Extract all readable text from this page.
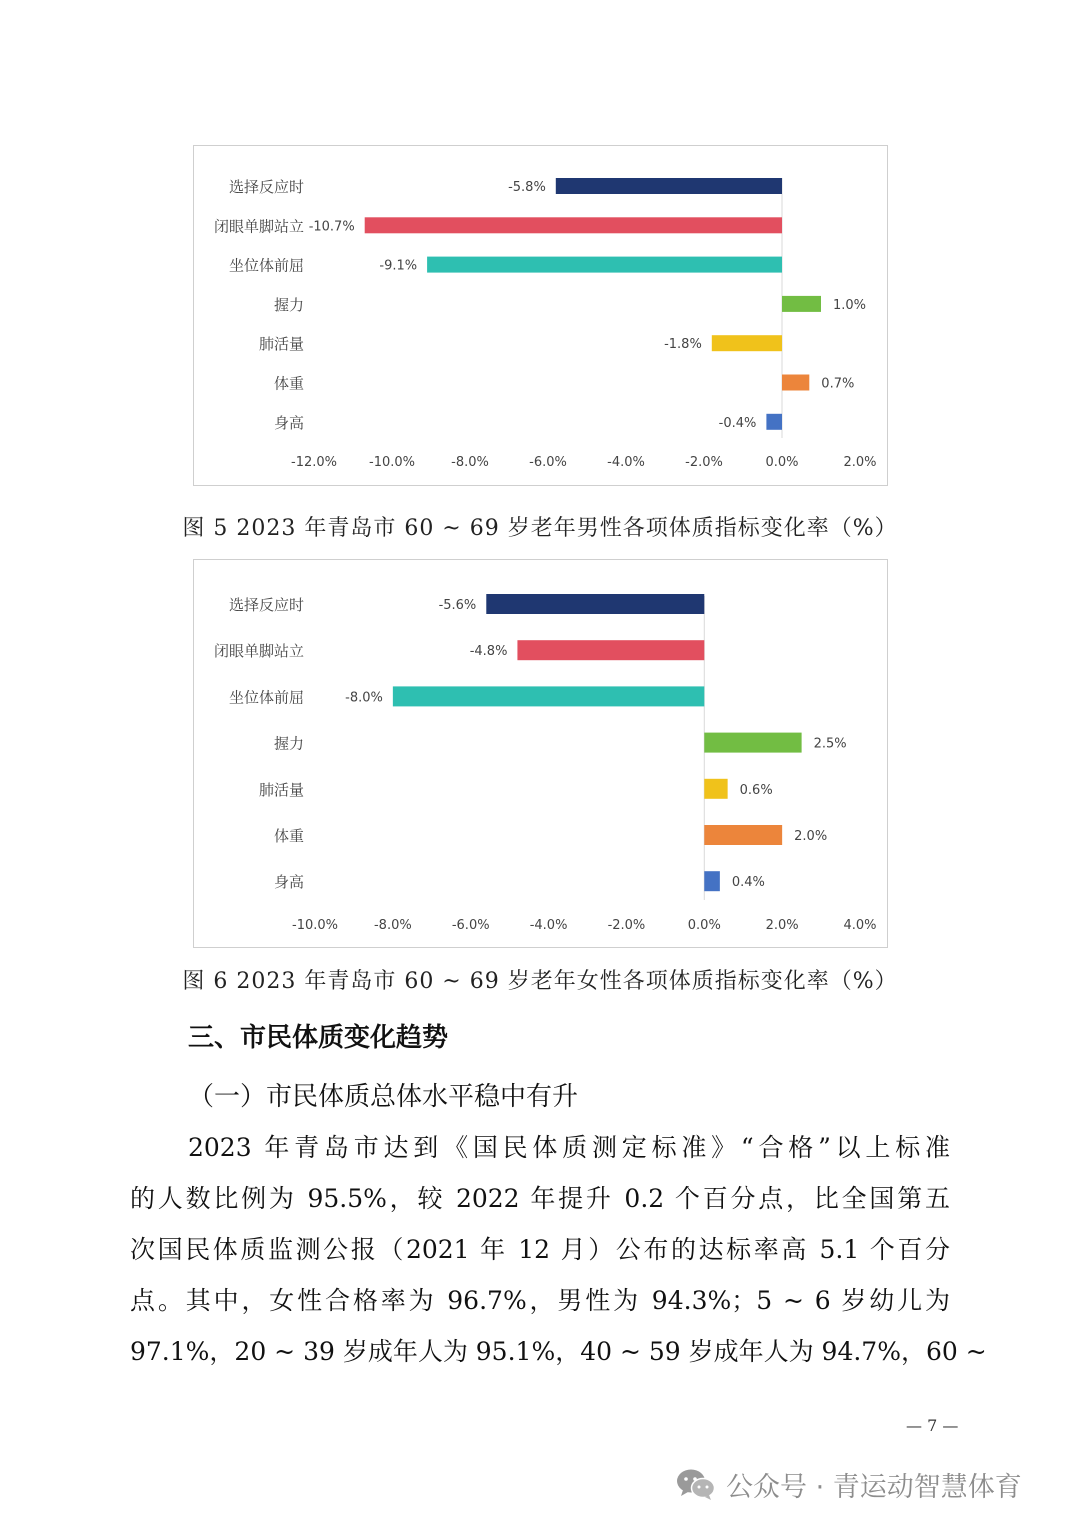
选择反应时	-5.8%
闭眼单脚站立 -10.7%
坐位体前屈	-9.1%
握力	1.0%
肺活量	-1.8%
体重	0.7%
身高	-0.4%
-12.0% -10.0%	-8.0%	-6.0%	-4.0%	-2.0%	0.0%	2.0%
图 5 2023 年青岛市 60 ~ 69 岁老年男性各项体质指标变化率（%）
选择反应时	-5.6%
闭眼单脚站立	-4.8%
坐位体前屈	-8.0%
握力	2.5%
肺活量	0.6%
体重	2.0%
身高	0.4%
-10.0%	-8.0%	-6.0%	-4.0%	-2.0%	0.0%	2.0%	4.0%
图 6 2023 年青岛市 60 ~ 69 岁老年女性各项体质指标变化率（%）
三、市民体质变化趋势
（一）市民体质总体水平稳中有升
2023 年青岛市达到《国民体质测定标准》“合格”以上标准
的人数比例为 95.5%，较 2022 年提升 0.2 个百分点，比全国第五
次国民体质监测公报（2021 年 12 月）公布的达标率高 5.1 个百分
点。其中，女性合格率为 96.7%，男性为 94.3%；5 ~ 6 岁幼儿为
97.1%，20 ~ 39 岁成年人为 95.1%，40 ~ 59 岁成年人为 94.7%，60 ~
— 7 —
公众号 · 青运动智慧体育
